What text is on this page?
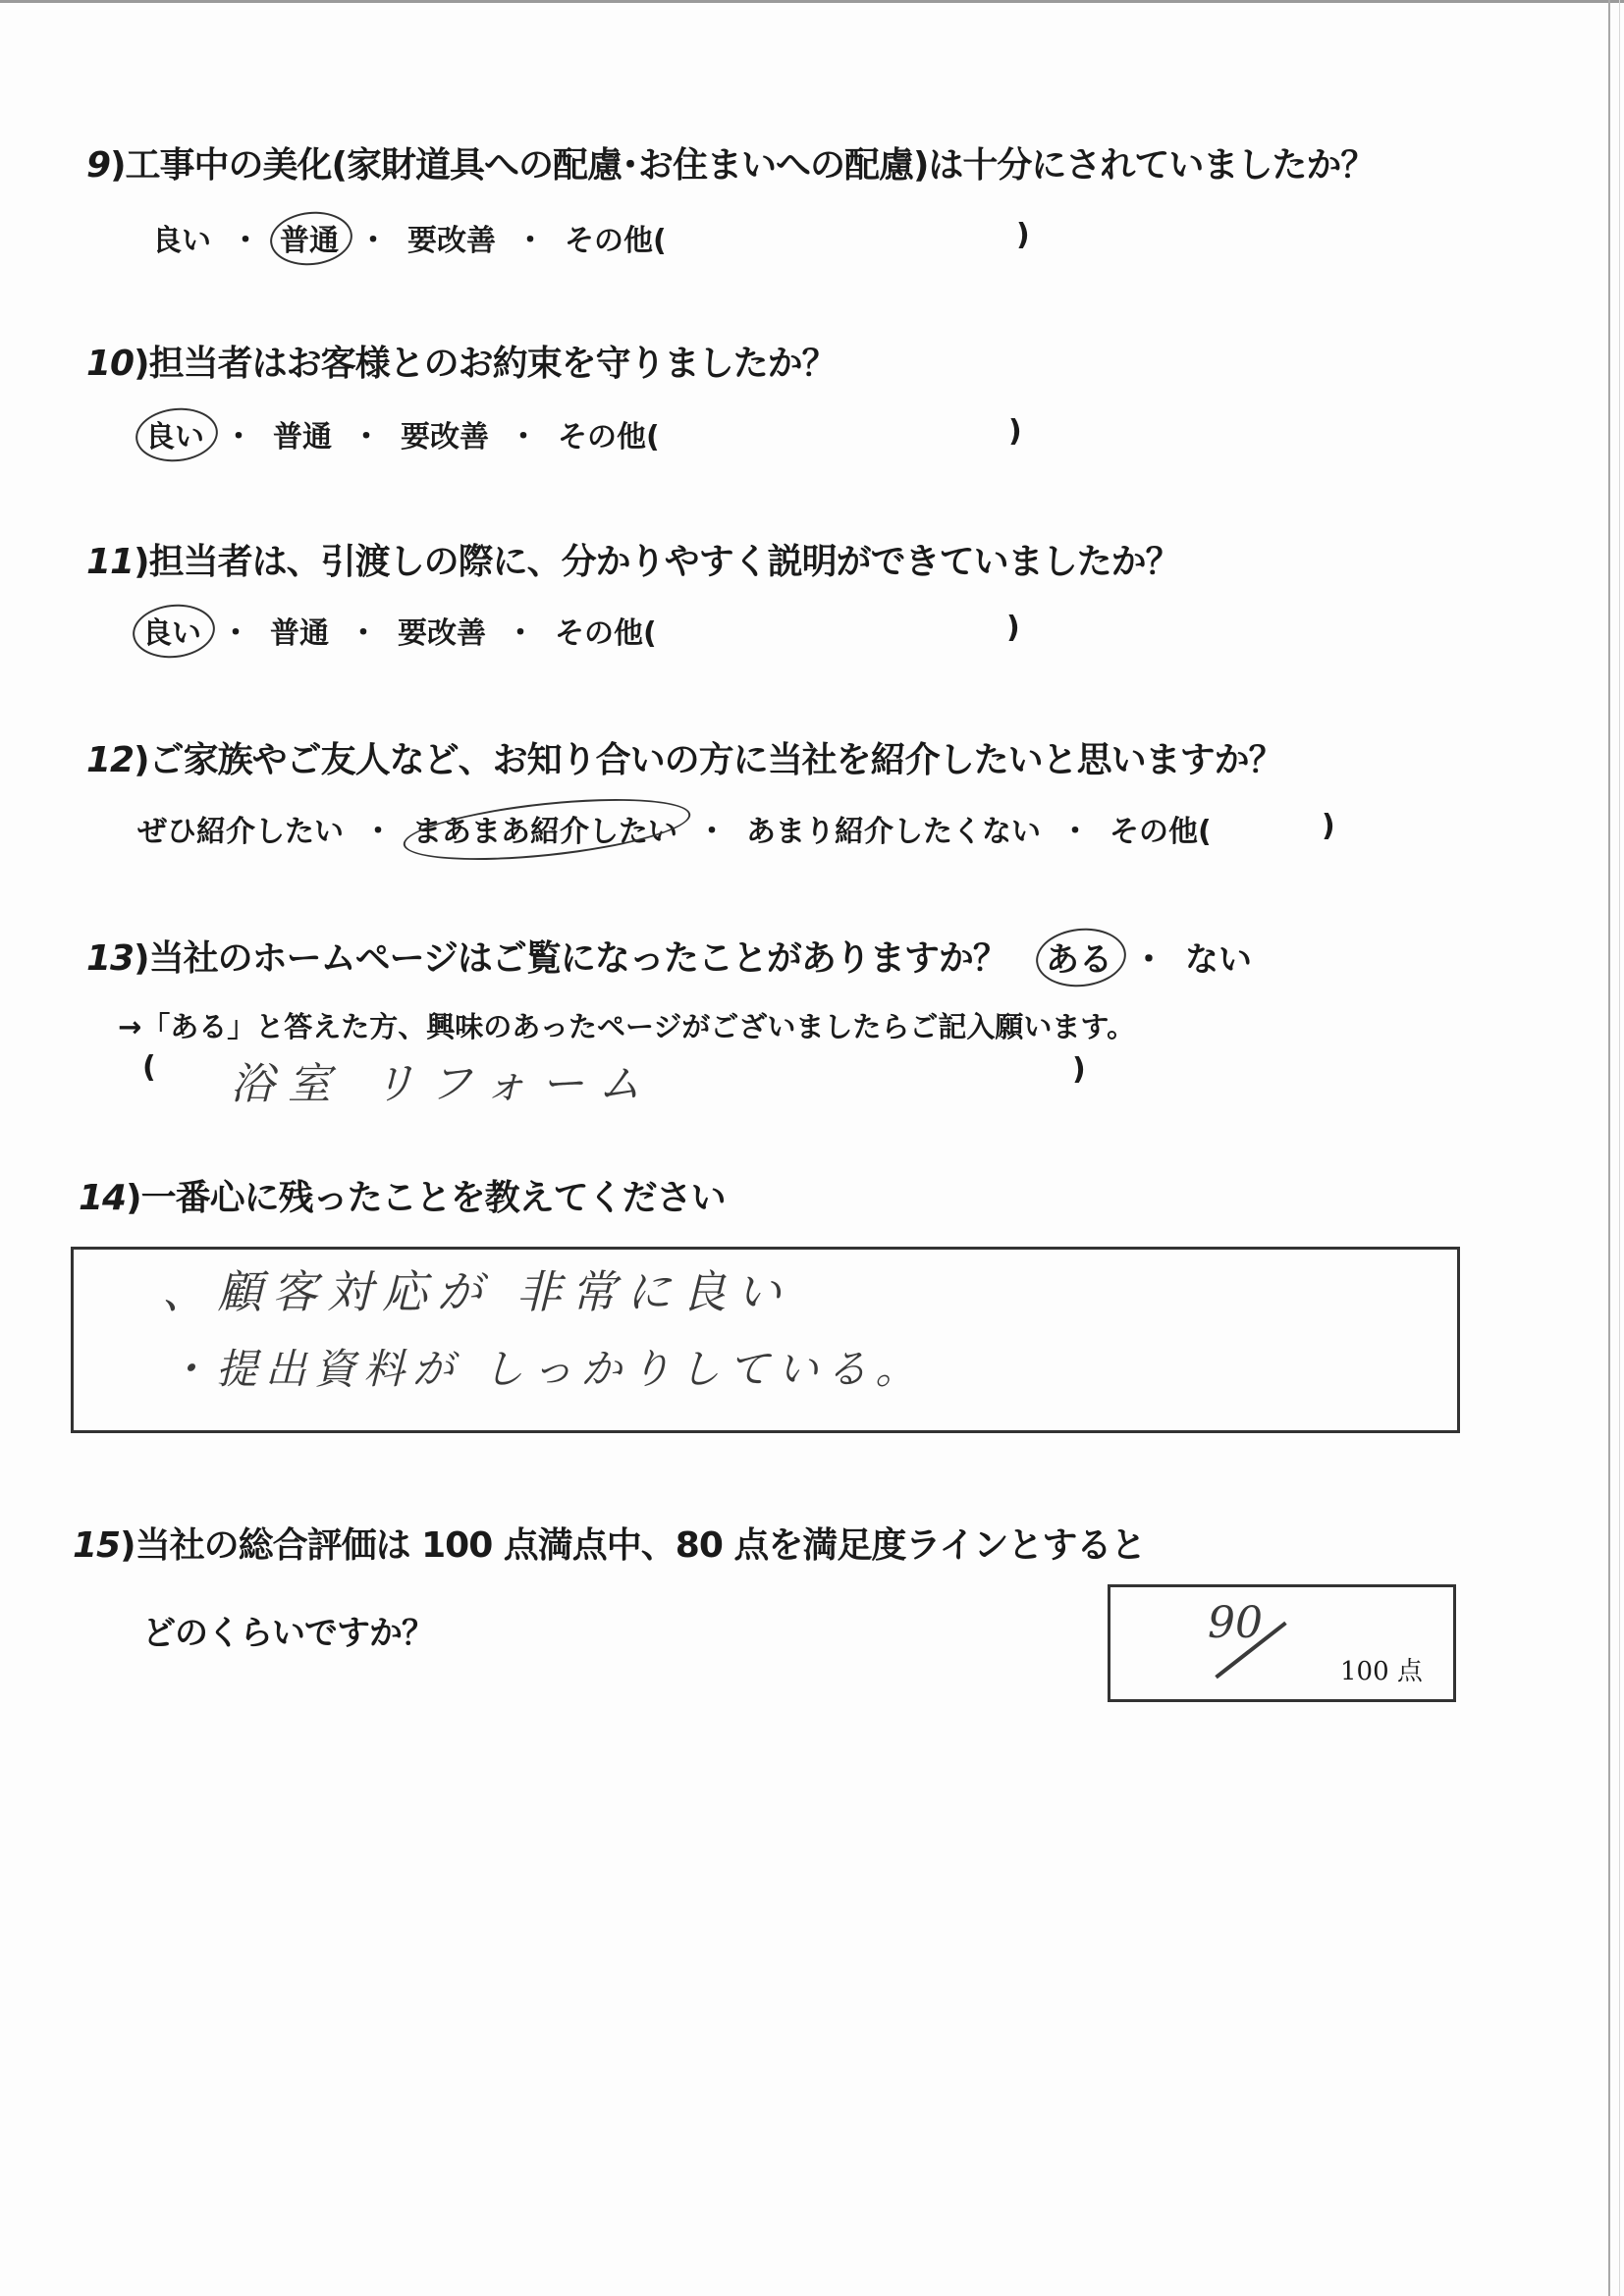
9)工事中の美化(家財道具への配慮･お住まいへの配慮)は十分にされていましたか？
良い ・ 普通 ・ 要改善 ・ その他(	)
10)担当者はお客様とのお約束を守りましたか？
良い ・ 普通 ・ 要改善 ・ その他(	)
11)担当者は、引渡しの際に、分かりやすく説明ができていましたか？
良い ・ 普通 ・ 要改善 ・ その他(	)
12)ご家族やご友人など、お知り合いの方に当社を紹介したいと思いますか？
ぜひ紹介したい ・ まあまあ紹介したい ・ あまり紹介したくない ・ その他(	)
13)当社のホームページはご覧になったことがありますか？ ある ・ ない
→「ある」と答えた方、興味のあったページがございましたらご記入願います。
( 浴室 リフォーム	)
14)一番心に残ったことを教えてください
、顧客対応が 非常に良い
・提出資料が しっかりしている。
15)当社の総合評価は 100 点満点中、80 点を満足度ラインとすると
どのくらいですか？	90
100 点
